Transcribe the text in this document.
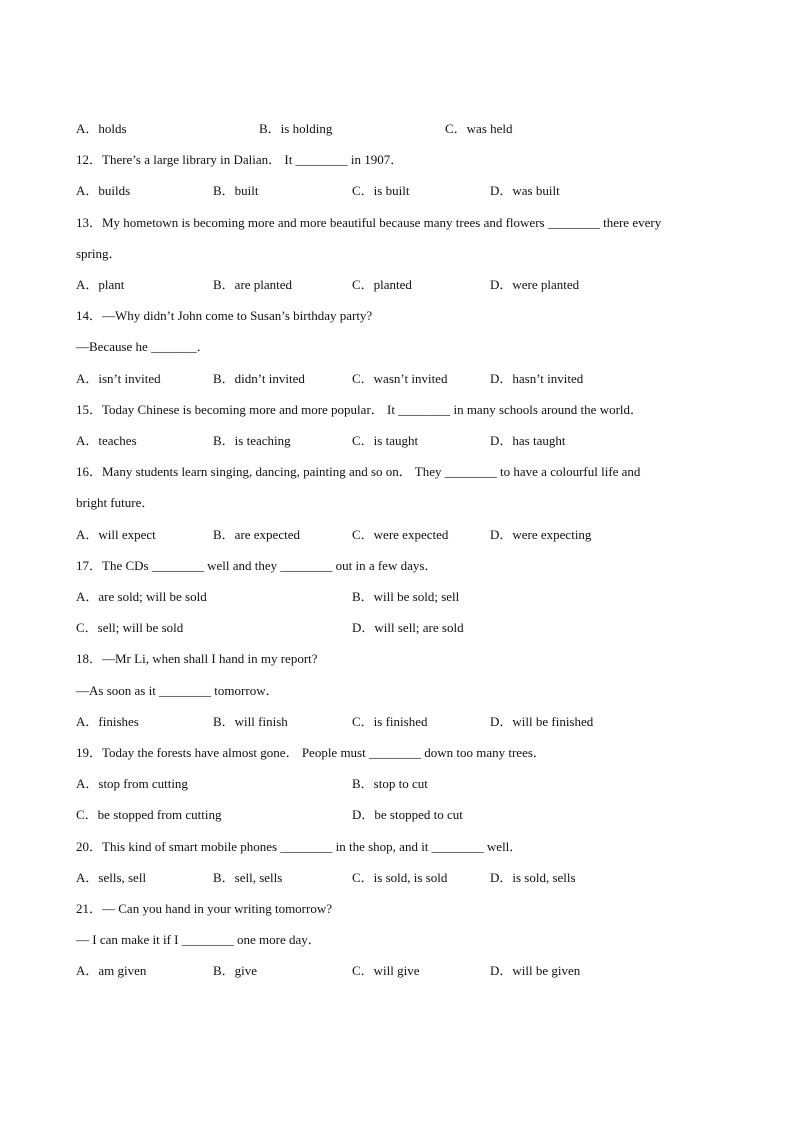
A．holds	B．is holding	C．was held
12．There’s a large library in Dalian． It ________ in 1907．
A．builds	B．built	C．is built	D．was built
13．My hometown is becoming more and more beautiful because many trees and flowers ________ there every
spring．
A．plant	B．are planted	C．planted	D．were planted
14．—Why didn’t John come to Susan’s birthday party?
—Because he _______．
A．isn’t invited	B．didn’t invited	C．wasn’t invited	D．hasn’t invited
15．Today Chinese is becoming more and more popular． It ________ in many schools around the world．
A．teaches	B．is teaching	C．is taught	D．has taught
16．Many students learn singing, dancing, painting and so on． They ________ to have a colourful life and
bright future．
A．will expect	B．are expected	C．were expected	D．were expecting
17．The CDs ________ well and they ________ out in a few days．
A．are sold; will be sold	B．will be sold; sell
C．sell; will be sold	D．will sell; are sold
18．—Mr Li, when shall I hand in my report?
—As soon as it ________ tomorrow．
A．finishes	B．will finish	C．is finished	D．will be finished
19．Today the forests have almost gone． People must ________ down too many trees．
A．stop from cutting	B．stop to cut
C．be stopped from cutting	D．be stopped to cut
20．This kind of smart mobile phones ________ in the shop, and it ________ well．
A．sells, sell	B．sell, sells	C．is sold, is sold	D．is sold, sells
21．— Can you hand in your writing tomorrow?
— I can make it if I ________ one more day．
A．am given	B．give	C．will give	D．will be given
